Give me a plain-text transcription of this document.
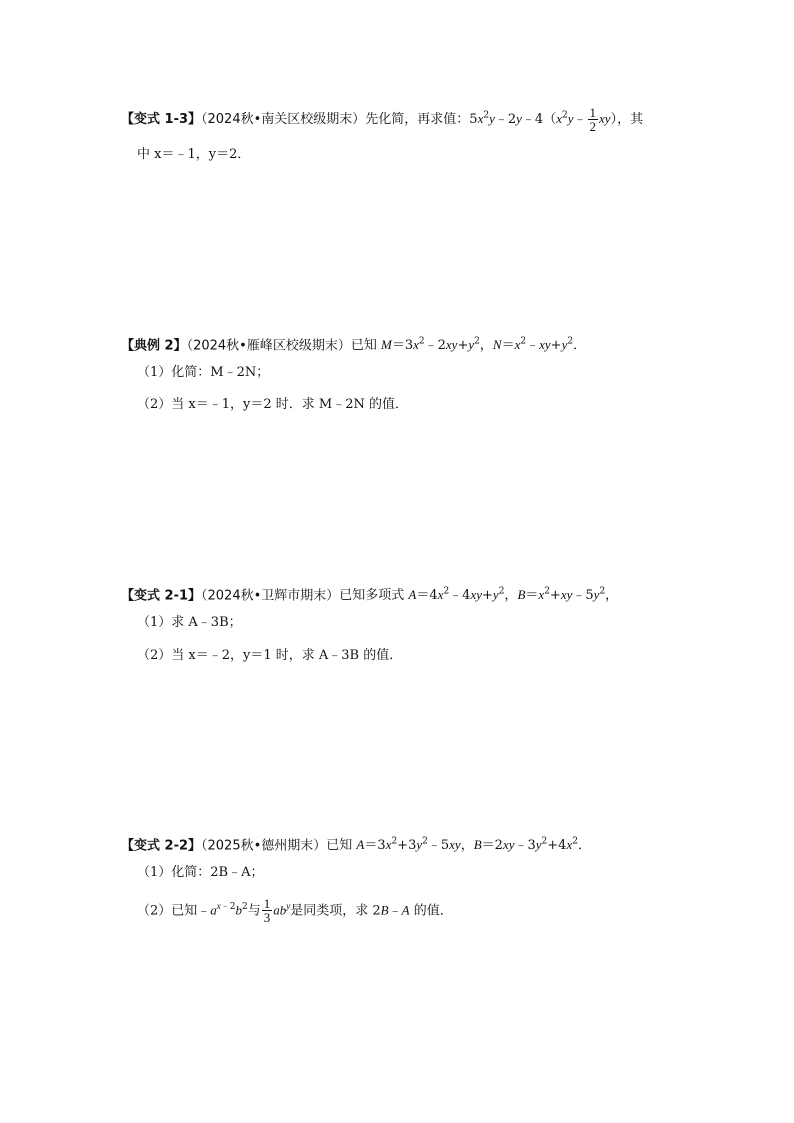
【变式 1-3】（2024秋•南关区校级期末）先化简，再求值：$5x^2y﹣2y﹣4(x^2y﹣ \frac{1}{2} xy)$，其
中 x＝﹣1，y＝2．
【典例 2】（2024秋•雁峰区校级期末）已知 $M=3x^2﹣2xy+y^2$，$N=x^2﹣xy+y^2$．
（1）化简：M﹣2N；
（2）当 x＝﹣1，y＝2 时．求 M﹣2N 的值．
【变式 2-1】（2024秋•卫辉市期末）已知多项式 $A=4x^2﹣4xy+y^2$，$B=x^2+xy﹣5y^2$，
（1）求 A﹣3B；
（2）当 x＝﹣2，y＝1 时，求 A﹣3B 的值．
【变式 2-2】（2025秋•德州期末）已知 $A=3x^2+3y^2﹣5xy$，$B=2xy﹣3y^2+4x^2$．
（1）化简：2B﹣A；
（2）已知$﹣a^{x﹣2}b^2$与 $\frac{1}{3} ab^y$是同类项，求 2B﹣A 的值．
